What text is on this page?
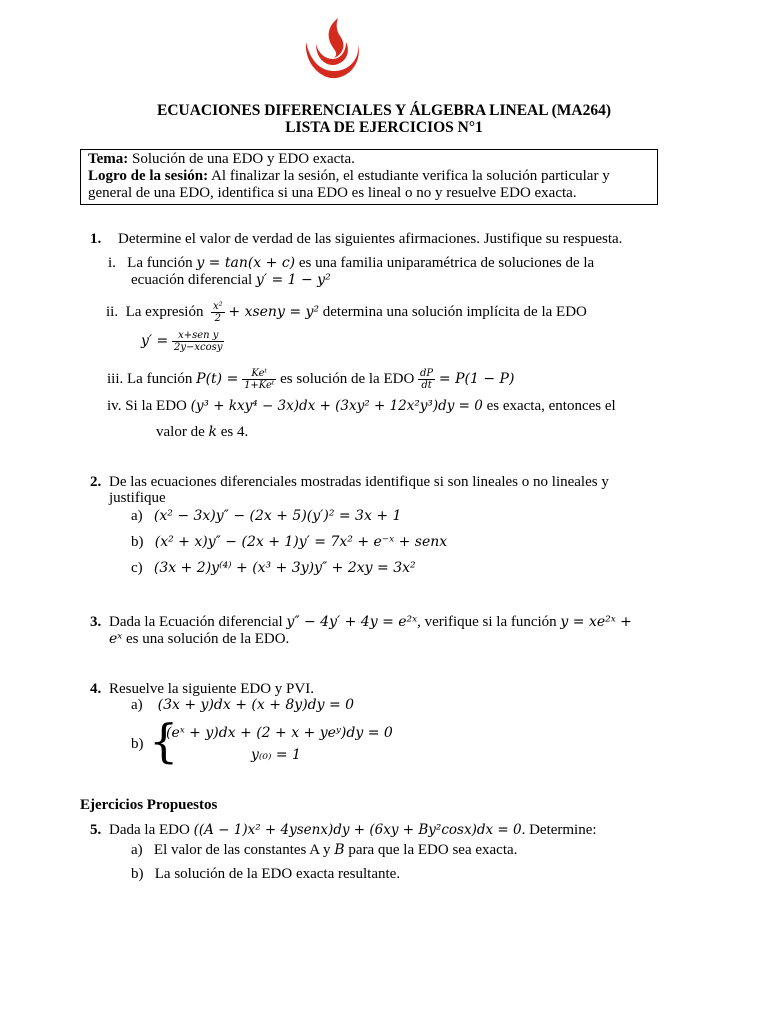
ECUACIONES DIFERENCIALES Y ÁLGEBRA LINEAL (MA264)
LISTA DE EJERCICIOS N°1
Tema: Solución de una EDO y EDO exacta.
Logro de la sesión: Al finalizar la sesión, el estudiante verifica la solución particular y
general de una EDO, identifica si una EDO es lineal o no y resuelve EDO exacta.
1. Determine el valor de verdad de las siguientes afirmaciones. Justifique su respuesta.
i. La función y = tan(x + c) es una familia uniparamétrica de soluciones de la
ecuación diferencial y′ = 1 − y²
ii. La expresión $\frac{\text{x²}}{2}$ + xseny = y² determina una solución implícita de la EDO
$y' = \frac{\text{x+sen y}}{2y-xcosy}$
iii. La función $P(t) = \frac{\text{Keᵗ}}{\text{1+Keᵗ}}$ es solución de la EDO $\frac{dP}{dt} = P(1 - P)$
iv. Si la EDO (y³ + kxy⁴ − 3x)dx + (3xy² + 12x²y³)dy = 0 es exacta, entonces el
valor de k es 4.
2. De las ecuaciones diferenciales mostradas identifique si son lineales o no lineales y
justifique
a) (x² − 3x)y″ − (2x + 5)(y′)² = 3x + 1
b) (x² + x)y″ − (2x + 1)y′ = 7x² + e⁻ˣ + senx
c) (3x + 2)y⁽⁴⁾ + (x³ + 3y)y″ + 2xy = 3x²
3. Dada la Ecuación diferencial y″ − 4y′ + 4y = e²ˣ, verifique si la función y = xe²ˣ +
eˣ es una solución de la EDO.
4. Resuelve la siguiente EDO y PVI.
a) (3x + y)dx + (x + 8y)dy = 0
b) {
(eˣ + y)dx + (2 + x + yeʸ)dy = 0
y₍₀₎ = 1
Ejercicios Propuestos
5. Dada la EDO ((A − 1)x² + 4ysenx)dy + (6xy + By²cosx)dx = 0. Determine:
a) El valor de las constantes A y B para que la EDO sea exacta.
b) La solución de la EDO exacta resultante.
